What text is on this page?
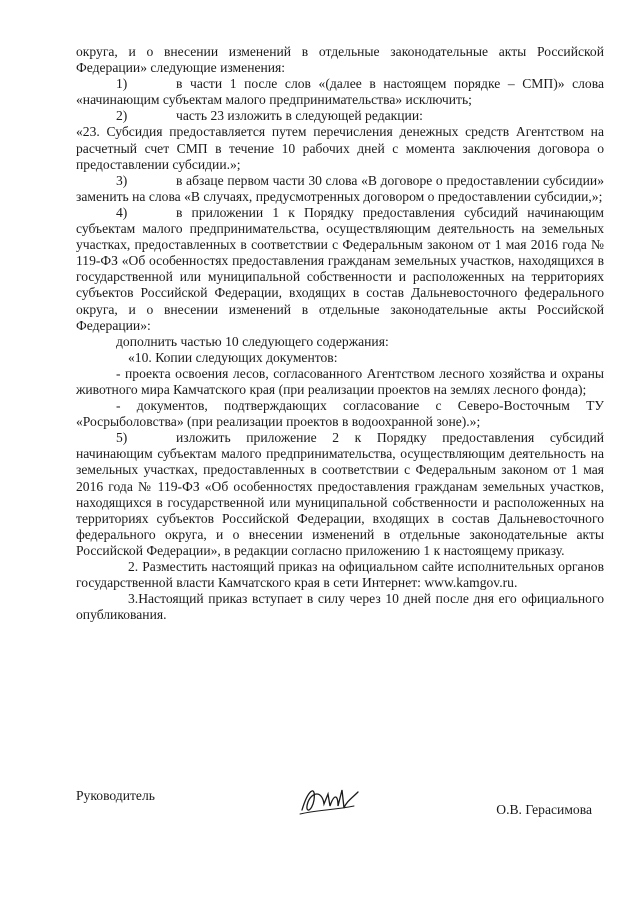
округа, и о внесении изменений в отдельные законодательные акты Российской Федерации» следующие изменения:
1)	в части 1 после слов «(далее в настоящем порядке – СМП)» слова «начинающим субъектам малого предпринимательства» исключить;
2)	часть 23 изложить в следующей редакции:
«23. Субсидия предоставляется путем перечисления денежных средств Агентством на расчетный счет СМП в течение 10 рабочих дней с момента заключения договора о предоставлении субсидии.»;
3)	в абзаце первом части 30 слова «В договоре о предоставлении субсидии» заменить на слова «В случаях, предусмотренных договором о предоставлении субсидии,»;
4)	в приложении 1 к Порядку предоставления субсидий начинающим субъектам малого предпринимательства, осуществляющим деятельность на земельных участках, предоставленных в соответствии с Федеральным законом от 1 мая 2016 года № 119-ФЗ «Об особенностях предоставления гражданам земельных участков, находящихся в государственной или муниципальной собственности и расположенных на территориях субъектов Российской Федерации, входящих в состав Дальневосточного федерального округа, и о внесении изменений в отдельные законодательные акты Российской Федерации»:
дополнить частью 10 следующего содержания:
«10. Копии следующих документов:
- проекта освоения лесов, согласованного Агентством лесного хозяйства и охраны животного мира Камчатского края (при реализации проектов на землях лесного фонда);
- документов, подтверждающих согласование с Северо-Восточным ТУ «Росрыболовства» (при реализации проектов в водоохранной зоне).»;
5)	изложить приложение 2 к Порядку предоставления субсидий начинающим субъектам малого предпринимательства, осуществляющим деятельность на земельных участках, предоставленных в соответствии с Федеральным законом от 1 мая 2016 года № 119-ФЗ «Об особенностях предоставления гражданам земельных участков, находящихся в государственной или муниципальной собственности и расположенных на территориях субъектов Российской Федерации, входящих в состав Дальневосточного федерального округа, и о внесении изменений в отдельные законодательные акты Российской Федерации», в редакции согласно приложению 1 к настоящему приказу.
2. Разместить настоящий приказ на официальном сайте исполнительных органов государственной власти Камчатского края в сети Интернет: www.kamgov.ru.
3.Настоящий приказ вступает в силу через 10 дней после дня его официального опубликования.
Руководитель
О.В. Герасимова
